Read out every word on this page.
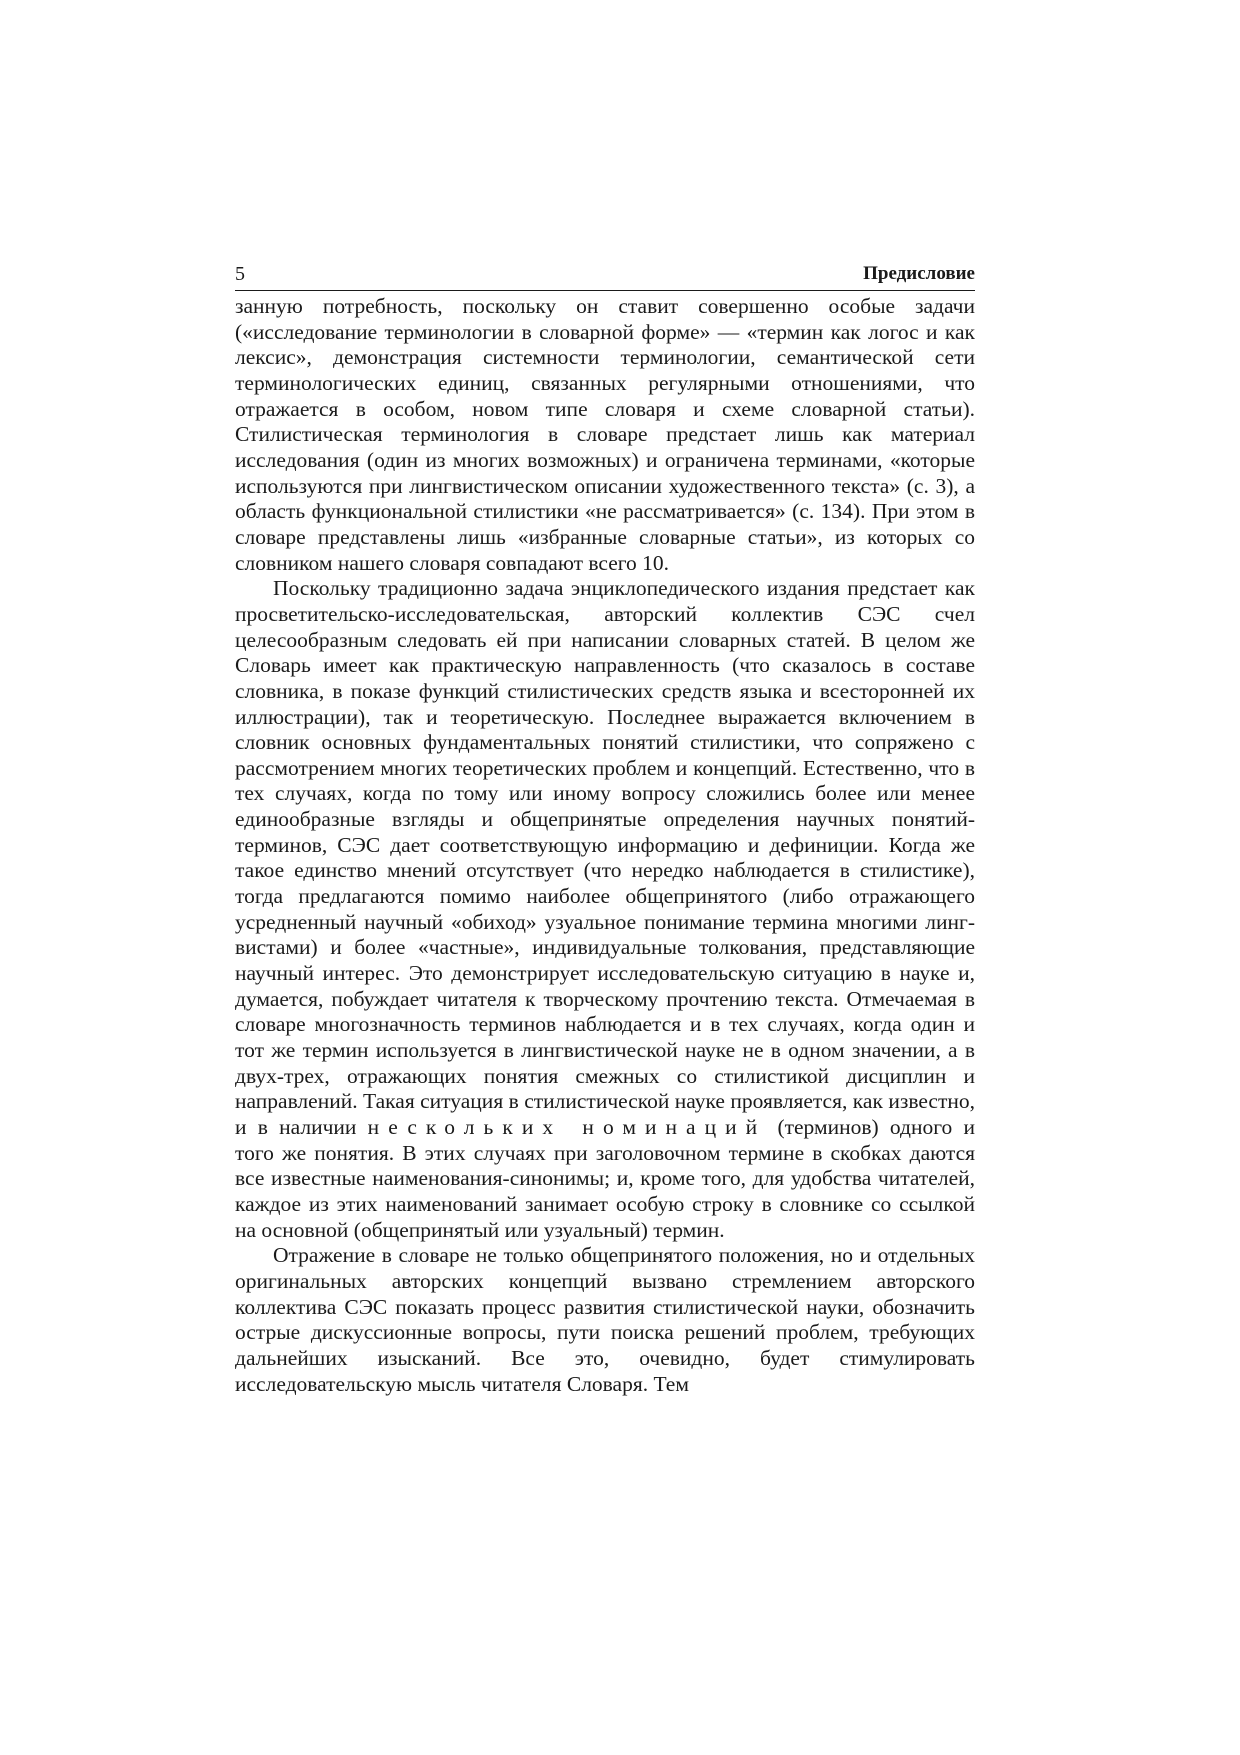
5	Предисловие

занную потребность, поскольку он ставит совершенно особые задачи («исследование терминологии в словарной форме» — «термин как логос и как лексис», демонстрация системности терминологии, семантической сети терминологических единиц, связанных регулярными отношениями, что отражается в особом, новом типе словаря и схеме словарной статьи). Стилистическая терминология в словаре предстает лишь как материал исследования (один из многих возможных) и ограничена терминами, «которые используются при лингвистическом описании художественного текста» (с. 3), а область функциональной стилистики «не рассматривается» (с. 134). При этом в словаре представлены лишь «избранные словарные статьи», из которых со словником нашего словаря совпадают всего 10.

Поскольку традиционно задача энциклопедического издания предстает как просветительско-исследовательская, авторский коллектив СЭС счел целесообразным следовать ей при написании словарных статей. В целом же Словарь имеет как практическую направленность (что сказалось в составе словника, в показе функций стилистических средств языка и всесторонней их иллюстрации), так и теоретическую. Последнее выражается включением в словник основных фундаментальных понятий стилистики, что сопряжено с рассмотрением многих теоретических проблем и концепций. Естественно, что в тех случаях, когда по тому или иному вопросу сложились более или менее единообразные взгляды и общепринятые определения научных понятий-терминов, СЭС дает соответствующую информацию и дефиниции. Когда же такое единство мнений отсутствует (что нередко наблюдается в стилистике), тогда предлагаются помимо наиболее общепринятого (либо отражающего усредненный научный «обиход» узуальное понимание термина многими лингвистами) и более «частные», индивидуальные толкования, представляющие научный интерес. Это демонстрирует исследовательскую ситуацию в науке и, думается, побуждает читателя к творческому прочтению текста. Отмечаемая в словаре многозначность терминов наблюдается и в тех случаях, когда один и тот же термин используется в лингвистической науке не в одном значении, а в двух-трех, отражающих понятия смежных со стилистикой дисциплин и направлений. Такая ситуация в стилистической науке проявляется, как известно, и в наличии нескольких номинаций (терминов) одного и того же понятия. В этих случаях при заголовочном термине в скобках даются все известные наименования-синонимы; и, кроме того, для удобства читателей, каждое из этих наименований занимает особую строку в словнике со ссылкой на основной (общепринятый или узуальный) термин.

Отражение в словаре не только общепринятого положения, но и отдельных оригинальных авторских концепций вызвано стремлением авторского коллектива СЭС показать процесс развития стилистической науки, обозначить острые дискуссионные вопросы, пути поиска решений проблем, требующих дальнейших изысканий. Все это, очевидно, будет стимулировать исследовательскую мысль читателя Словаря. Тем
